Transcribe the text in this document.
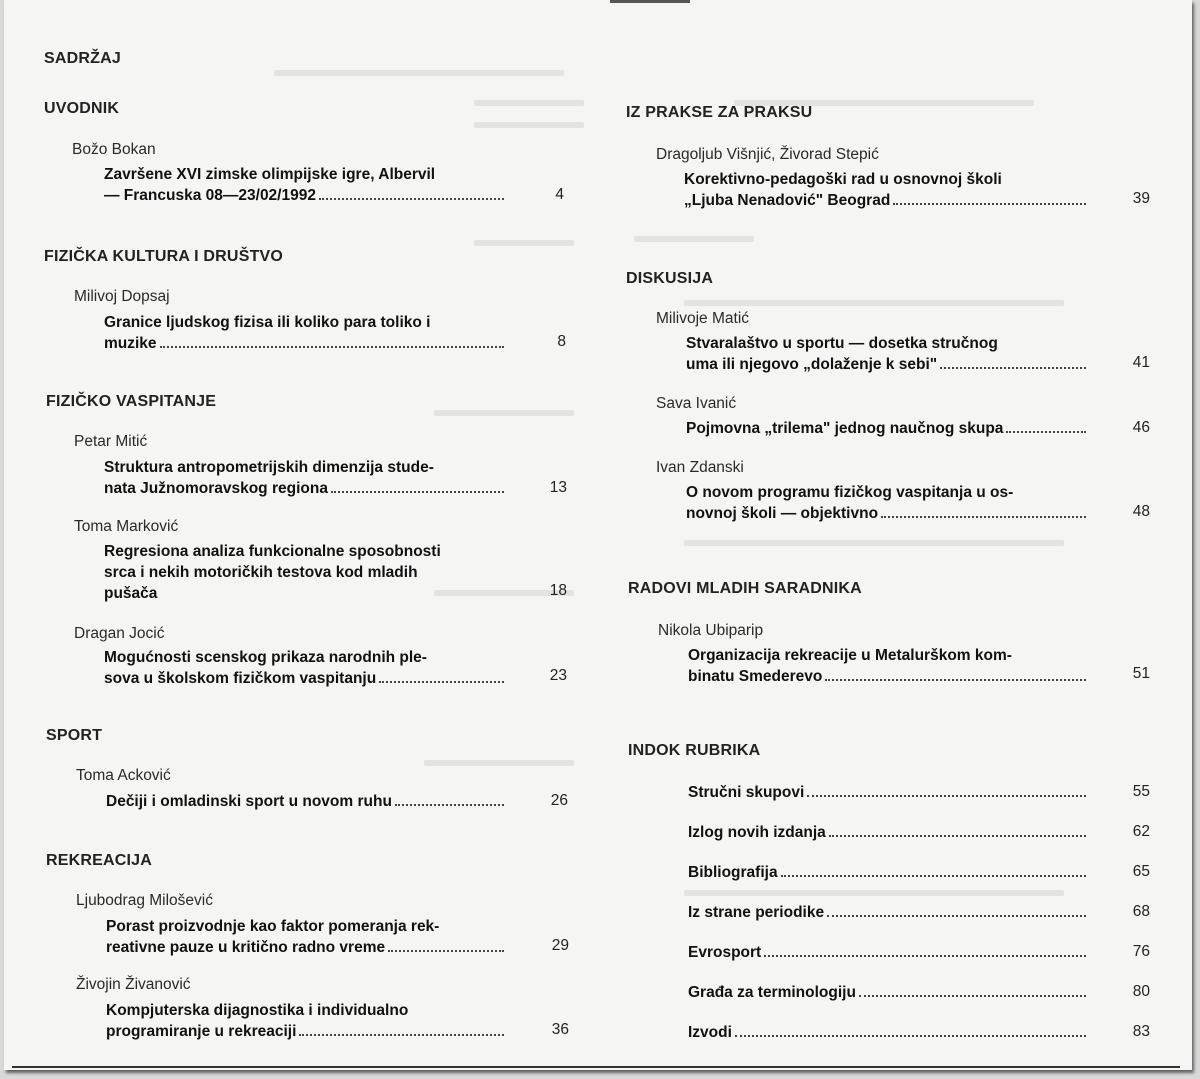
SADRŽAJ
UVODNIK
Božo Bokan
Završene XVI zimske olimpijske igre, Albervil
— Francuska 08—23/02/1992	4
FIZIČKA KULTURA I DRUŠTVO
Milivoj Dopsaj
Granice ljudskog fizisa ili koliko para toliko i
muzike	8
FIZIČKO VASPITANJE
Petar Mitić
Struktura antropometrijskih dimenzija stude-
nata Južnomoravskog regiona	13
Toma Marković
Regresiona analiza funkcionalne sposobnosti
srca i nekih motoričkih testova kod mladih
pušača	18
Dragan Jocić
Mogućnosti scenskog prikaza narodnih ple-
sova u školskom fizičkom vaspitanju	23
SPORT
Toma Acković
Dečiji i omladinski sport u novom ruhu	26
REKREACIJA
Ljubodrag Milošević
Porast proizvodnje kao faktor pomeranja rek-
reativne pauze u kritično radno vreme	29
Živojin Živanović
Kompjuterska dijagnostika i individualno
programiranje u rekreaciji	36
IZ PRAKSE ZA PRAKSU
Dragoljub Višnjić, Živorad Stepić
Korektivno-pedagoški rad u osnovnoj školi
„Ljuba Nenadović" Beograd	39
DISKUSIJA
Milivoje Matić
Stvaralaštvo u sportu — dosetka stručnog
uma ili njegovo „dolaženje k sebi"	41
Sava Ivanić
Pojmovna „trilema" jednog naučnog skupa	46
Ivan Zdanski
O novom programu fizičkog vaspitanja u os-
novnoj školi — objektivno	48
RADOVI MLADIH SARADNIKA
Nikola Ubiparip
Organizacija rekreacije u Metalurškom kom-
binatu Smederevo	51
INDOK RUBRIKA
Stručni skupovi	55
Izlog novih izdanja	62
Bibliografija	65
Iz strane periodike	68
Evrosport	76
Građa za terminologiju	80
Izvodi	83
